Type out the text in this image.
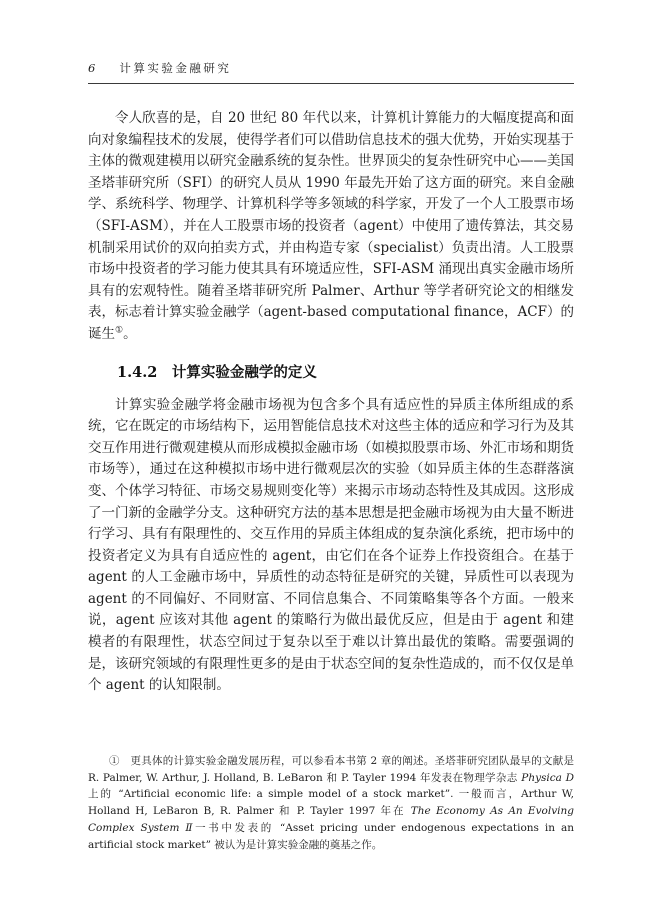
6 计算实验金融研究

令人欣喜的是，自 20 世纪 80 年代以来，计算机计算能力的大幅度提高和面向对象编程技术的发展，使得学者们可以借助信息技术的强大优势，开始实现基于主体的微观建模用以研究金融系统的复杂性。世界顶尖的复杂性研究中心——美国圣塔菲研究所（SFI）的研究人员从 1990 年最先开始了这方面的研究。来自金融学、系统科学、物理学、计算机科学等多领域的科学家，开发了一个人工股票市场（SFI-ASM），并在人工股票市场的投资者（agent）中使用了遗传算法，其交易机制采用试价的双向拍卖方式，并由构造专家（specialist）负责出清。人工股票市场中投资者的学习能力使其具有环境适应性，SFI-ASM 涌现出真实金融市场所具有的宏观特性。随着圣塔菲研究所 Palmer、Arthur 等学者研究论文的相继发表，标志着计算实验金融学（agent-based computational finance，ACF）的诞生①。

1.4.2　计算实验金融学的定义

计算实验金融学将金融市场视为包含多个具有适应性的异质主体所组成的系统，它在既定的市场结构下，运用智能信息技术对这些主体的适应和学习行为及其交互作用进行微观建模从而形成模拟金融市场（如模拟股票市场、外汇市场和期货市场等），通过在这种模拟市场中进行微观层次的实验（如异质主体的生态群落演变、个体学习特征、市场交易规则变化等）来揭示市场动态特性及其成因。这形成了一门新的金融学分支。这种研究方法的基本思想是把金融市场视为由大量不断进行学习、具有有限理性的、交互作用的异质主体组成的复杂演化系统，把市场中的投资者定义为具有自适应性的 agent，由它们在各个证券上作投资组合。在基于 agent 的人工金融市场中，异质性的动态特征是研究的关键，异质性可以表现为 agent 的不同偏好、不同财富、不同信息集合、不同策略集等各个方面。一般来说，agent 应该对其他 agent 的策略行为做出最优反应，但是由于 agent 和建模者的有限理性，状态空间过于复杂以至于难以计算出最优的策略。需要强调的是，该研究领域的有限理性更多的是由于状态空间的复杂性造成的，而不仅仅是单个 agent 的认知限制。

①　更具体的计算实验金融发展历程，可以参看本书第 2 章的阐述。圣塔菲研究团队最早的文献是 R. Palmer, W. Arthur, J. Holland, B. LeBaron 和 P. Tayler 1994 年发表在物理学杂志 Physica D 上的 “Artificial economic life: a simple model of a stock market”. 一般而言，Arthur W, Holland H, LeBaron B, R. Palmer 和 P. Tayler 1997 年在 The Economy As An Evolving Complex System Ⅱ一书中发表的 “Asset pricing under endogenous expectations in an artificial stock market” 被认为是计算实验金融的奠基之作。
